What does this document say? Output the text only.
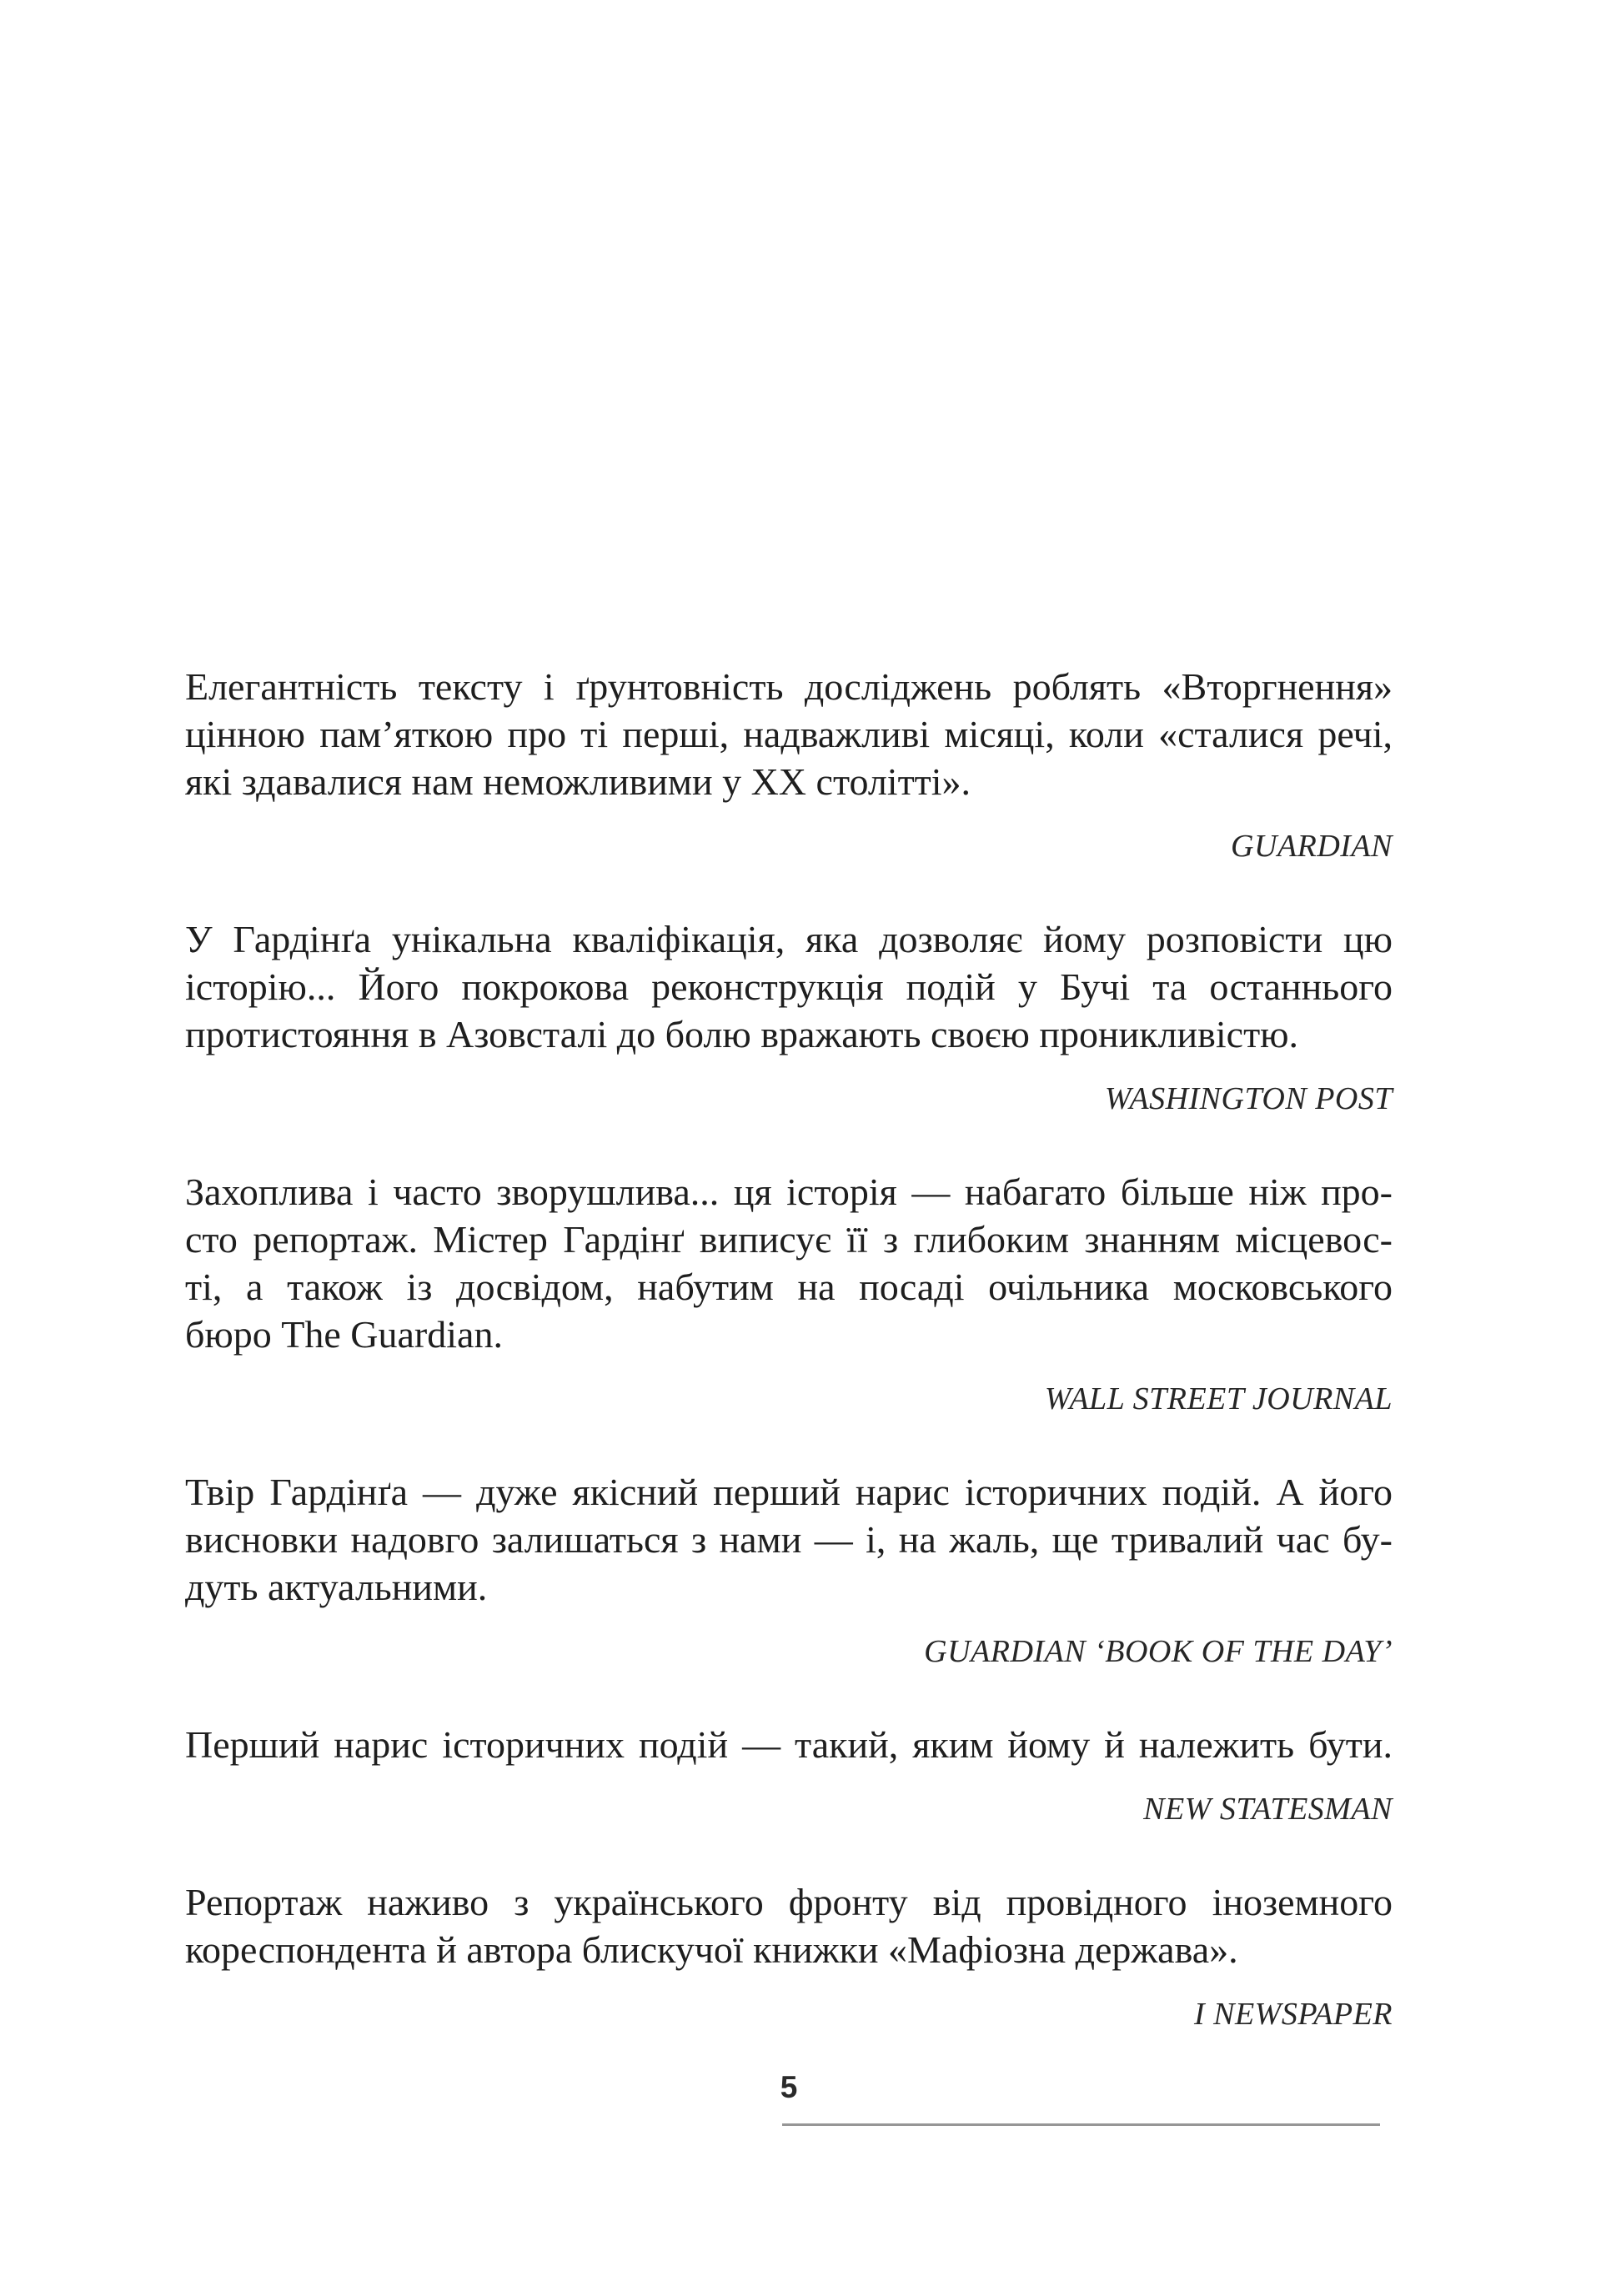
Елегантність тексту і ґрунтовність досліджень роблять «Вторгнення»
цінною пам’яткою про ті перші, надважливі місяці, коли «сталися речі,
які здавалися нам неможливими у ХХ столітті».
GUARDIAN
У Гардінґа унікальна кваліфікація, яка дозволяє йому розповісти цю
історію... Його покрокова реконструкція подій у Бучі та останнього
протистояння в Азовсталі до болю вражають своєю проникливістю.
WASHINGTON POST
Захоплива і часто зворушлива... ця історія — набагато більше ніж про-
сто репортаж. Містер Гардінґ виписує її з глибоким знанням місцевос-
ті, а також із досвідом, набутим на посаді очільника московського
бюро The Guardian.
WALL STREET JOURNAL
Твір Гардінґа — дуже якісний перший нарис історичних подій. А його
висновки надовго залишаться з нами — і, на жаль, ще тривалий час бу-
дуть актуальними.
GUARDIAN ‘BOOK OF THE DAY’
Перший нарис історичних подій — такий, яким йому й належить бути.
NEW STATESMAN
Репортаж наживо з українського фронту від провідного іноземного
кореспондента й автора блискучої книжки «Мафіозна держава».
I NEWSPAPER
5
